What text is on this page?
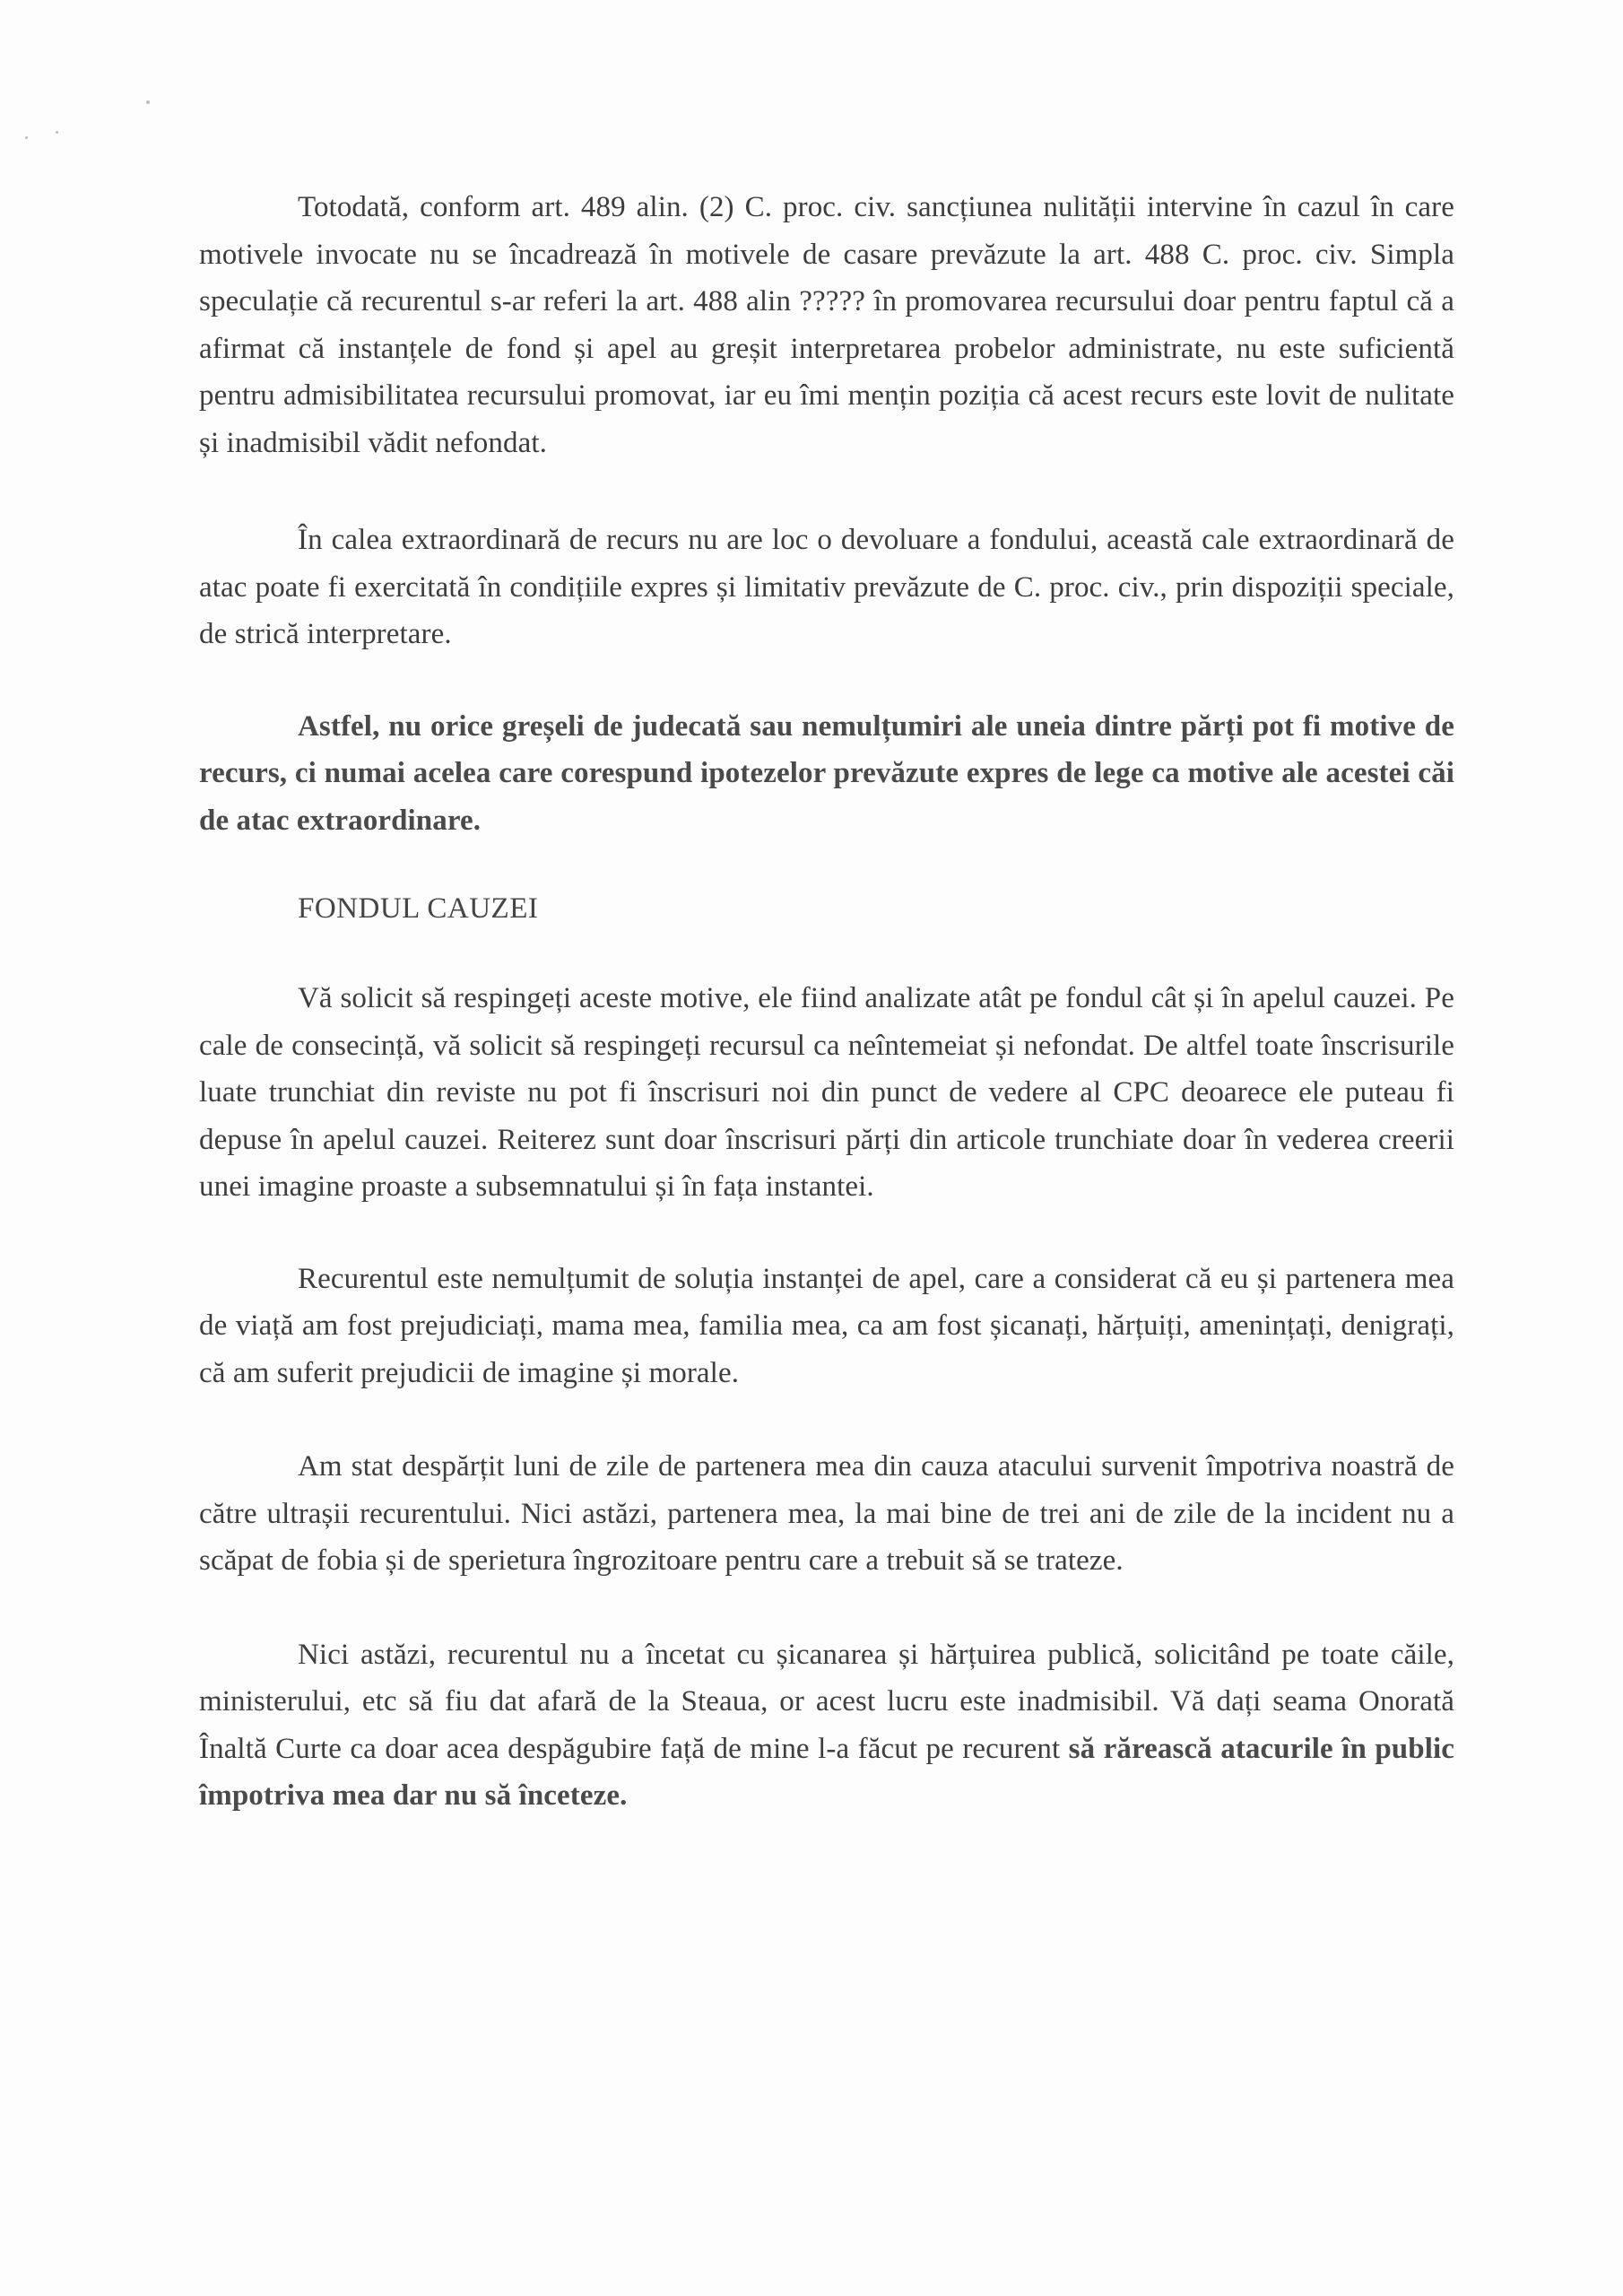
Totodată, conform art. 489 alin. (2) C. proc. civ. sancțiunea nulității intervine în cazul în care motivele invocate nu se încadrează în motivele de casare prevăzute la art. 488 C. proc. civ. Simpla speculație că recurentul s-ar referi la art. 488 alin ????? în promovarea recursului doar pentru faptul că a afirmat că instanțele de fond și apel au greșit interpretarea probelor administrate, nu este suficientă pentru admisibilitatea recursului promovat, iar eu îmi mențin poziția că acest recurs este lovit de nulitate și inadmisibil vădit nefondat.

În calea extraordinară de recurs nu are loc o devoluare a fondului, această cale extraordinară de atac poate fi exercitată în condițiile expres și limitativ prevăzute de C. proc. civ., prin dispoziții speciale, de strică interpretare.

Astfel, nu orice greșeli de judecată sau nemulțumiri ale uneia dintre părți pot fi motive de recurs, ci numai acelea care corespund ipotezelor prevăzute expres de lege ca motive ale acestei căi de atac extraordinare.

FONDUL CAUZEI

Vă solicit să respingeți aceste motive, ele fiind analizate atât pe fondul cât și în apelul cauzei. Pe cale de consecință, vă solicit să respingeți recursul ca neîntemeiat și nefondat. De altfel toate înscrisurile luate trunchiat din reviste nu pot fi înscrisuri noi din punct de vedere al CPC deoarece ele puteau fi depuse în apelul cauzei. Reiterez sunt doar înscrisuri părți din articole trunchiate doar în vederea creerii unei imagine proaste a subsemnatului și în fața instantei.

Recurentul este nemulțumit de soluția instanței de apel, care a considerat că eu și partenera mea de viață am fost prejudiciați, mama mea, familia mea, ca am fost șicanați, hărțuiți, amenințați, denigrați, că am suferit prejudicii de imagine și morale.

Am stat despărțit luni de zile de partenera mea din cauza atacului survenit împotriva noastră de către ultrașii recurentului. Nici astăzi, partenera mea, la mai bine de trei ani de zile de la incident nu a scăpat de fobia și de sperietura îngrozitoare pentru care a trebuit să se trateze.

Nici astăzi, recurentul nu a încetat cu șicanarea și hărțuirea publică, solicitând pe toate căile, ministerului, etc să fiu dat afară de la Steaua, or acest lucru este inadmisibil. Vă dați seama Onorată Înaltă Curte ca doar acea despăgubire față de mine l-a făcut pe recurent să rărească atacurile în public împotriva mea dar nu să înceteze.
